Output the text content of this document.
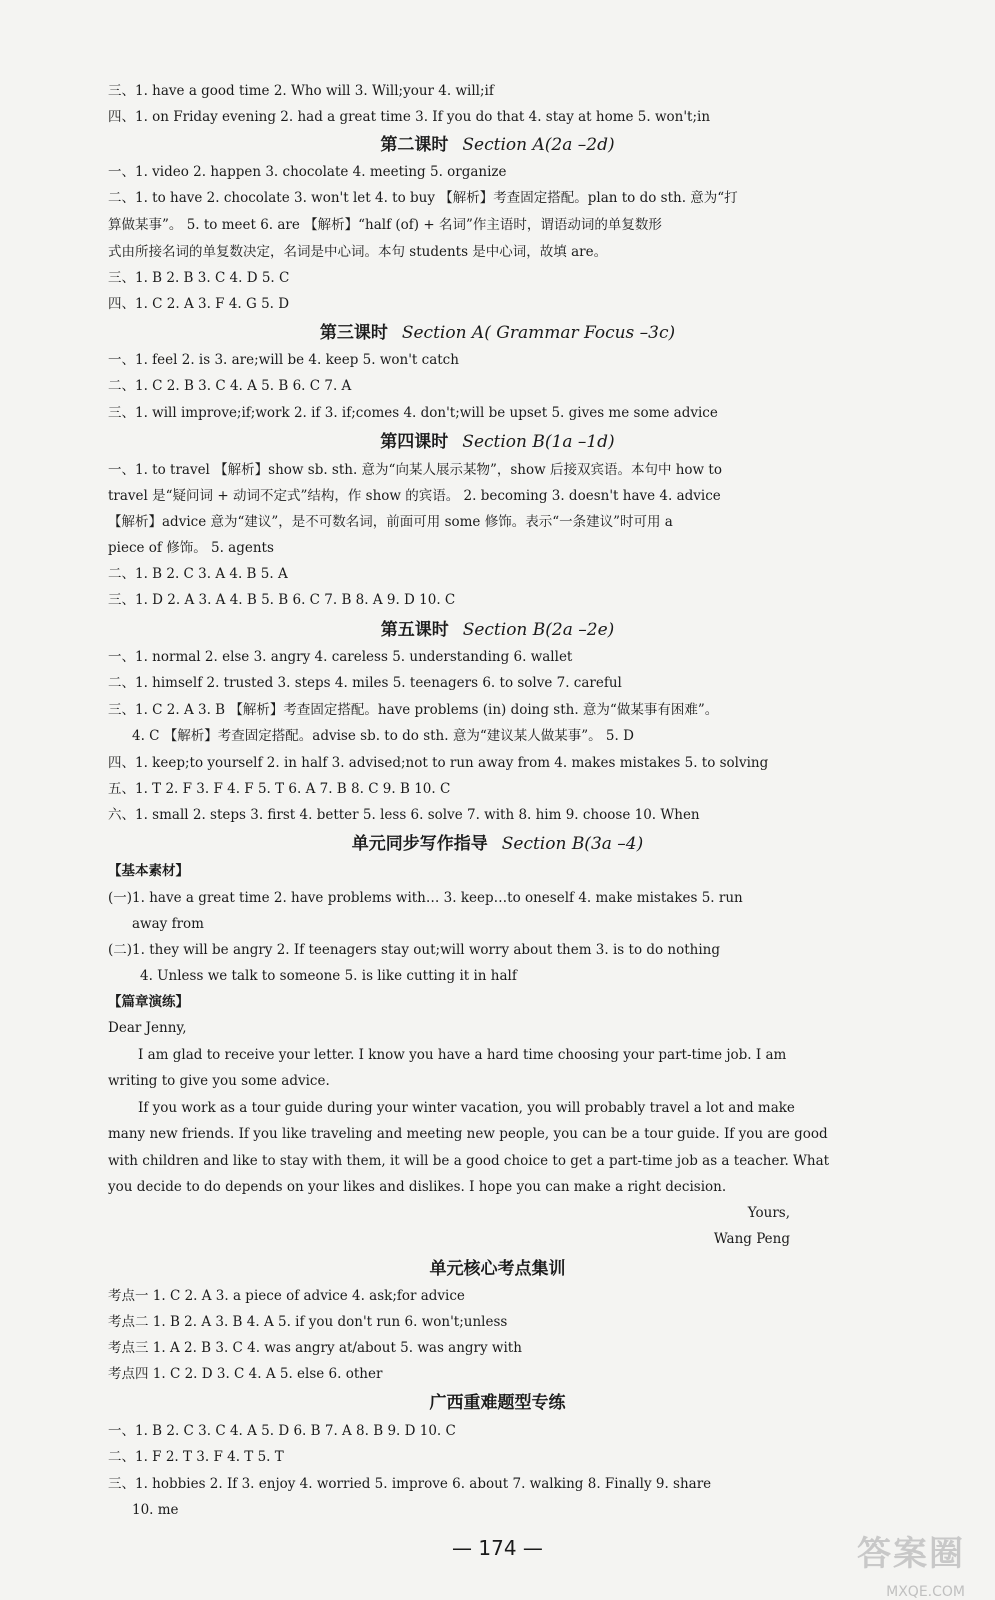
三、1. have a good time 2. Who will 3. Will;your 4. will;if
四、1. on Friday evening 2. had a great time 3. If you do that 4. stay at home 5. won't;in
第二课时 Section A(2a –2d)
一、1. video 2. happen 3. chocolate 4. meeting 5. organize
二、1. to have 2. chocolate 3. won't let 4. to buy 【解析】考查固定搭配。plan to do sth. 意为“打
算做某事”。 5. to meet 6. are 【解析】“half (of) + 名词”作主语时，谓语动词的单复数形
式由所接名词的单复数决定，名词是中心词。本句 students 是中心词，故填 are。
三、1. B 2. B 3. C 4. D 5. C
四、1. C 2. A 3. F 4. G 5. D
第三课时 Section A( Grammar Focus –3c)
一、1. feel 2. is 3. are;will be 4. keep 5. won't catch
二、1. C 2. B 3. C 4. A 5. B 6. C 7. A
三、1. will improve;if;work 2. if 3. if;comes 4. don't;will be upset 5. gives me some advice
第四课时 Section B(1a –1d)
一、1. to travel 【解析】show sb. sth. 意为“向某人展示某物”，show 后接双宾语。本句中 how to
travel 是“疑问词 + 动词不定式”结构，作 show 的宾语。 2. becoming 3. doesn't have 4. advice
【解析】advice 意为“建议”，是不可数名词，前面可用 some 修饰。表示“一条建议”时可用 a
piece of 修饰。 5. agents
二、1. B 2. C 3. A 4. B 5. A
三、1. D 2. A 3. A 4. B 5. B 6. C 7. B 8. A 9. D 10. C
第五课时 Section B(2a –2e)
一、1. normal 2. else 3. angry 4. careless 5. understanding 6. wallet
二、1. himself 2. trusted 3. steps 4. miles 5. teenagers 6. to solve 7. careful
三、1. C 2. A 3. B 【解析】考查固定搭配。have problems (in) doing sth. 意为“做某事有困难”。
4. C 【解析】考查固定搭配。advise sb. to do sth. 意为“建议某人做某事”。 5. D
四、1. keep;to yourself 2. in half 3. advised;not to run away from 4. makes mistakes 5. to solving
五、1. T 2. F 3. F 4. F 5. T 6. A 7. B 8. C 9. B 10. C
六、1. small 2. steps 3. first 4. better 5. less 6. solve 7. with 8. him 9. choose 10. When
单元同步写作指导 Section B(3a –4)
【基本素材】
(一)1. have a great time 2. have problems with… 3. keep…to oneself 4. make mistakes 5. run
away from
(二)1. they will be angry 2. If teenagers stay out;will worry about them 3. is to do nothing
4. Unless we talk to someone 5. is like cutting it in half
【篇章演练】
Dear Jenny,
I am glad to receive your letter. I know you have a hard time choosing your part-time job. I am
writing to give you some advice.
If you work as a tour guide during your winter vacation, you will probably travel a lot and make
many new friends. If you like traveling and meeting new people, you can be a tour guide. If you are good
with children and like to stay with them, it will be a good choice to get a part-time job as a teacher. What
you decide to do depends on your likes and dislikes. I hope you can make a right decision.
Yours,
Wang Peng
单元核心考点集训
考点一 1. C 2. A 3. a piece of advice 4. ask;for advice
考点二 1. B 2. A 3. B 4. A 5. if you don't run 6. won't;unless
考点三 1. A 2. B 3. C 4. was angry at/about 5. was angry with
考点四 1. C 2. D 3. C 4. A 5. else 6. other
广西重难题型专练
一、1. B 2. C 3. C 4. A 5. D 6. B 7. A 8. B 9. D 10. C
二、1. F 2. T 3. F 4. T 5. T
三、1. hobbies 2. If 3. enjoy 4. worried 5. improve 6. about 7. walking 8. Finally 9. share
10. me
— 174 —	答案圈
MXQE.COM
